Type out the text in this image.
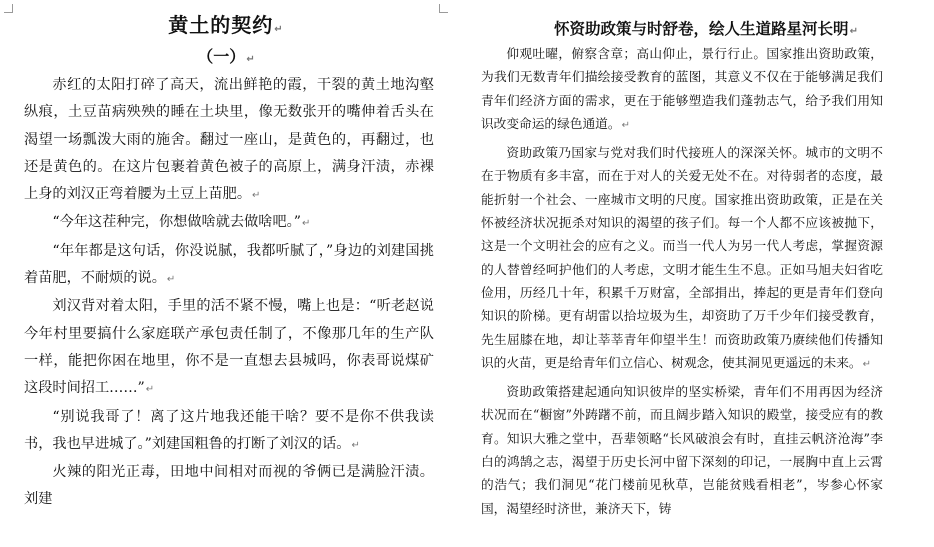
黄土的契约↵
（一）↵

赤红的太阳打碎了高天，流出鲜艳的霞，干裂的黄土地沟壑纵痕，土豆苗病殃殃的睡在土块里，像无数张开的嘴伸着舌头在渴望一场瓢泼大雨的施舍。翻过一座山，是黄色的，再翻过，也还是黄色的。在这片包裹着黄色被子的高原上，满身汗渍，赤裸上身的刘汉正弯着腰为土豆上苗肥。↵

“今年这茬种完，你想做啥就去做啥吧。”↵

“年年都是这句话，你没说腻，我都听腻了，”身边的刘建国挑着苗肥，不耐烦的说。↵

刘汉背对着太阳，手里的活不紧不慢，嘴上也是：“听老赵说今年村里要搞什么家庭联产承包责任制了，不像那几年的生产队一样，能把你困在地里，你不是一直想去县城吗，你表哥说煤矿这段时间招工……”↵

“别说我哥了！离了这片地我还能干啥？要不是你不供我读书，我也早进城了。”刘建国粗鲁的打断了刘汉的话。↵

火辣的阳光正毒，田地中间相对而视的爷俩已是满脸汗渍。刘建

怀资助政策与时舒卷，绘人生道路星河长明↵

仰观吐曜，俯察含章；高山仰止，景行行止。国家推出资助政策，为我们无数青年们描绘接受教育的蓝图，其意义不仅在于能够满足我们青年们经济方面的需求，更在于能够塑造我们蓬勃志气，给予我们用知识改变命运的绿色通道。↵

资助政策乃国家与党对我们时代接班人的深深关怀。城市的文明不在于物质有多丰富，而在于对人的关爱无处不在。对待弱者的态度，最能折射一个社会、一座城市文明的尺度。国家推出资助政策，正是在关怀被经济状况扼杀对知识的渴望的孩子们。每一个人都不应该被抛下，这是一个文明社会的应有之义。而当一代人为另一代人考虑，掌握资源的人替曾经呵护他们的人考虑，文明才能生生不息。正如马旭夫妇省吃俭用，历经几十年，积累千万财富，全部捐出，捧起的更是青年们登向知识的阶梯。更有胡雷以拾垃圾为生，却资助了万千少年们接受教育，先生屈膝在地，却让莘莘青年仰望半生！而资助政策乃赓续他们传播知识的火苗，更是给青年们立信心、树观念，使其洞见更遥远的未来。↵

资助政策搭建起通向知识彼岸的坚实桥梁，青年们不用再因为经济状况而在“橱窗”外踌躇不前，而且阔步踏入知识的殿堂，接受应有的教育。知识大雅之堂中，吾辈领略“长风破浪会有时，直挂云帆济沧海”李白的鸿鹄之志，渴望于历史长河中留下深刻的印记，一展胸中直上云霄的浩气；我们洞见“花门楼前见秋草，岂能贫贱看相老”，岑参心怀家国，渴望经时济世，兼济天下，铸
